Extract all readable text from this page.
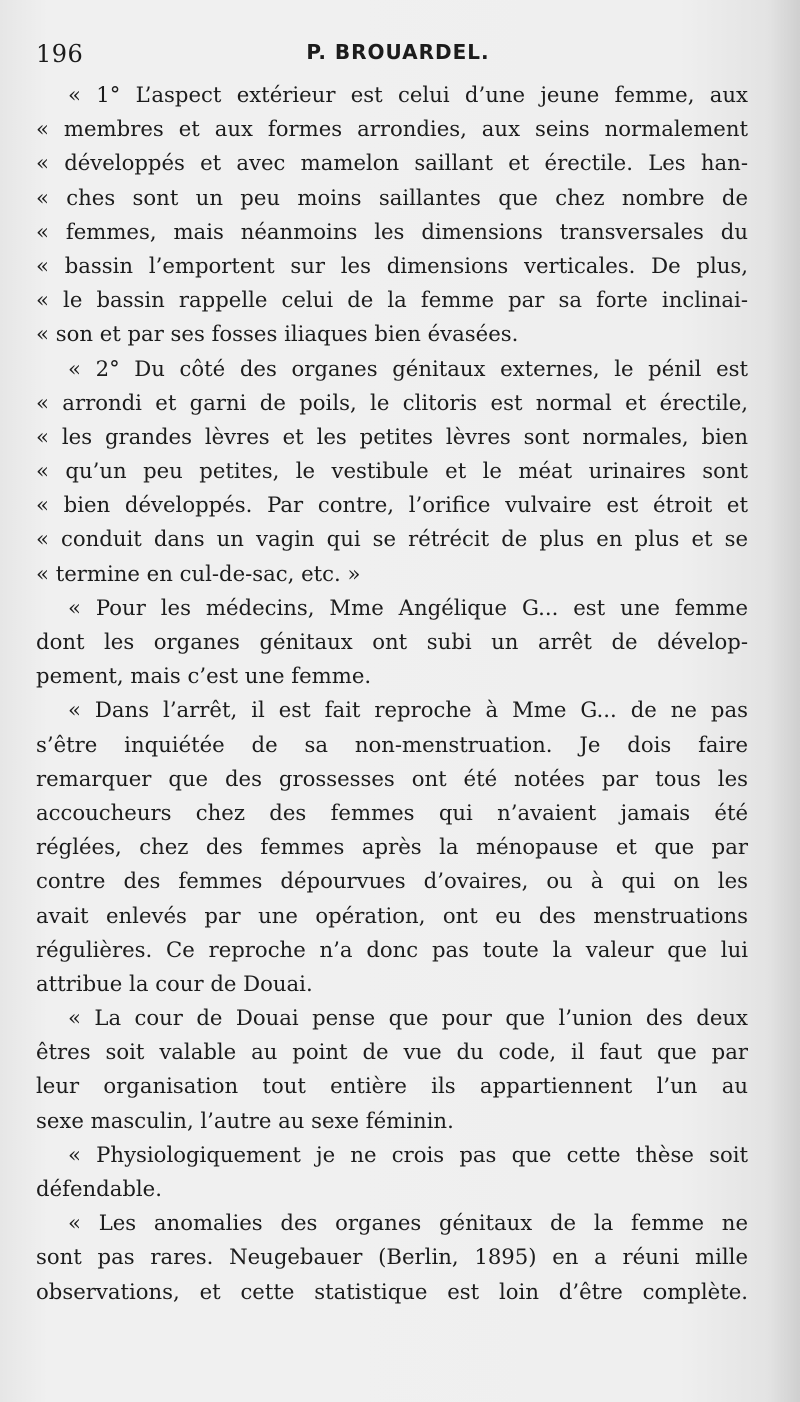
196	P. BROUARDEL.
« 1° L’aspect extérieur est celui d’une jeune femme, aux
« membres et aux formes arrondies, aux seins normalement
« développés et avec mamelon saillant et érectile. Les han-
« ches sont un peu moins saillantes que chez nombre de
« femmes, mais néanmoins les dimensions transversales du
« bassin l’emportent sur les dimensions verticales. De plus,
« le bassin rappelle celui de la femme par sa forte inclinai-
« son et par ses fosses iliaques bien évasées.
« 2° Du côté des organes génitaux externes, le pénil est
« arrondi et garni de poils, le clitoris est normal et érectile,
« les grandes lèvres et les petites lèvres sont normales, bien
« qu’un peu petites, le vestibule et le méat urinaires sont
« bien développés. Par contre, l’orifice vulvaire est étroit et
« conduit dans un vagin qui se rétrécit de plus en plus et se
« termine en cul-de-sac, etc. »
« Pour les médecins, Mme Angélique G... est une femme
dont les organes génitaux ont subi un arrêt de dévelop-
pement, mais c’est une femme.
« Dans l’arrêt, il est fait reproche à Mme G... de ne pas
s’être inquiétée de sa non-menstruation. Je dois faire
remarquer que des grossesses ont été notées par tous les
accoucheurs chez des femmes qui n’avaient jamais été
réglées, chez des femmes après la ménopause et que par
contre des femmes dépourvues d’ovaires, ou à qui on les
avait enlevés par une opération, ont eu des menstruations
régulières. Ce reproche n’a donc pas toute la valeur que lui
attribue la cour de Douai.
« La cour de Douai pense que pour que l’union des deux
êtres soit valable au point de vue du code, il faut que par
leur organisation tout entière ils appartiennent l’un au
sexe masculin, l’autre au sexe féminin.
« Physiologiquement je ne crois pas que cette thèse soit
défendable.
« Les anomalies des organes génitaux de la femme ne
sont pas rares. Neugebauer (Berlin, 1895) en a réuni mille
observations, et cette statistique est loin d’être complète.
